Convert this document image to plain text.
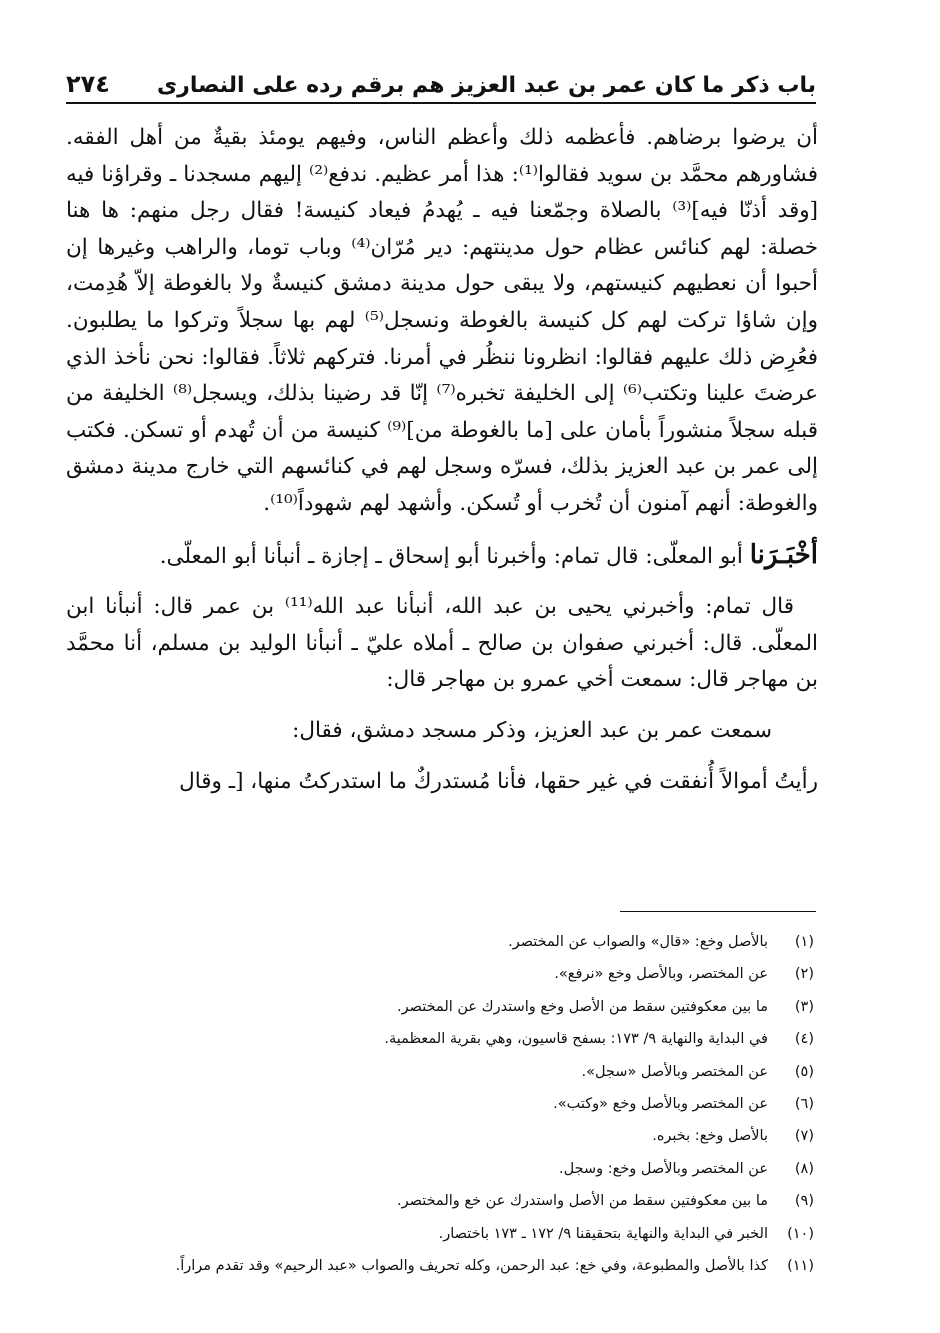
باب ذكر ما كان عمر بن عبد العزيز هم برقم رده على النصارى
٢٧٤

أن يرضوا برضاهم. فأعظمه ذلك وأعظم الناس، وفيهم يومئذ بقيةٌ من أهل الفقه. فشاورهم محمَّد بن سويد فقالوا⁽¹⁾: هذا أمر عظيم. ندفع⁽²⁾ إليهم مسجدنا ـ وقراؤنا فيه [وقد أذنّا فيه]⁽³⁾ بالصلاة وجمّعنا فيه ـ يُهدمُ فيعاد كنيسة! فقال رجل منهم: ها هنا خصلة: لهم كنائس عظام حول مدينتهم: دير مُرّان⁽⁴⁾ وباب توما، والراهب وغيرها إن أحبوا أن نعطيهم كنيستهم، ولا يبقى حول مدينة دمشق كنيسةٌ ولا بالغوطة إلاّ هُدِمت، وإن شاؤا تركت لهم كل كنيسة بالغوطة ونسجل⁽⁵⁾ لهم بها سجلاً وتركوا ما يطلبون. فعُرِض ذلك عليهم فقالوا: انظرونا ننظُر في أمرنا. فتركهم ثلاثاً. فقالوا: نحن نأخذ الذي عرضتَ علينا وتكتب⁽⁶⁾ إلى الخليفة تخبره⁽⁷⁾ إنّا قد رضينا بذلك، ويسجل⁽⁸⁾ الخليفة من قبله سجلاً منشوراً بأمان على [ما بالغوطة من]⁽⁹⁾ كنيسة من أن تُهدم أو تسكن. فكتب إلى عمر بن عبد العزيز بذلك، فسرّه وسجل لهم في كنائسهم التي خارج مدينة دمشق والغوطة: أنهم آمنون أن تُخرب أو تُسكن. وأشهد لهم شهوداً⁽¹⁰⁾.

أخْبَـرَنا أبو المعلّى: قال تمام: وأخبرنا أبو إسحاق ـ إجازة ـ أنبأنا أبو المعلّى.

قال تمام: وأخبرني يحيى بن عبد الله، أنبأنا عبد الله⁽¹¹⁾ بن عمر قال: أنبأنا ابن المعلّى. قال: أخبرني صفوان بن صالح ـ أملاه عليّ ـ أنبأنا الوليد بن مسلم، أنا محمَّد بن مهاجر قال: سمعت أخي عمرو بن مهاجر قال:

سمعت عمر بن عبد العزيز، وذكر مسجد دمشق، فقال:

رأيتُ أموالاً أُنفقت في غير حقها، فأنا مُستدركٌ ما استدركتُ منها، [ـ وقال

(١)
بالأصل وخع: «قال» والصواب عن المختصر.
(٢)
عن المختصر، وبالأصل وخع «نرفع».
(٣)
ما بين معكوفتين سقط من الأصل وخع واستدرك عن المختصر.
(٤)
في البداية والنهاية ٩/ ١٧٣: بسفح قاسيون، وهي بقرية المعظمية.
(٥)
عن المختصر وبالأصل «سجل».
(٦)
عن المختصر وبالأصل وخع «وكتب».
(٧)
بالأصل وخع: بخبره.
(٨)
عن المختصر وبالأصل وخع: وسجل.
(٩)
ما بين معكوفتين سقط من الأصل واستدرك عن خع والمختصر.
(١٠)
الخبر في البداية والنهاية بتحقيقنا ٩/ ١٧٢ ـ ١٧٣ باختصار.
(١١)
كذا بالأصل والمطبوعة، وفي خع: عبد الرحمن، وكله تحريف والصواب «عبد الرحيم» وقد تقدم مراراً.
